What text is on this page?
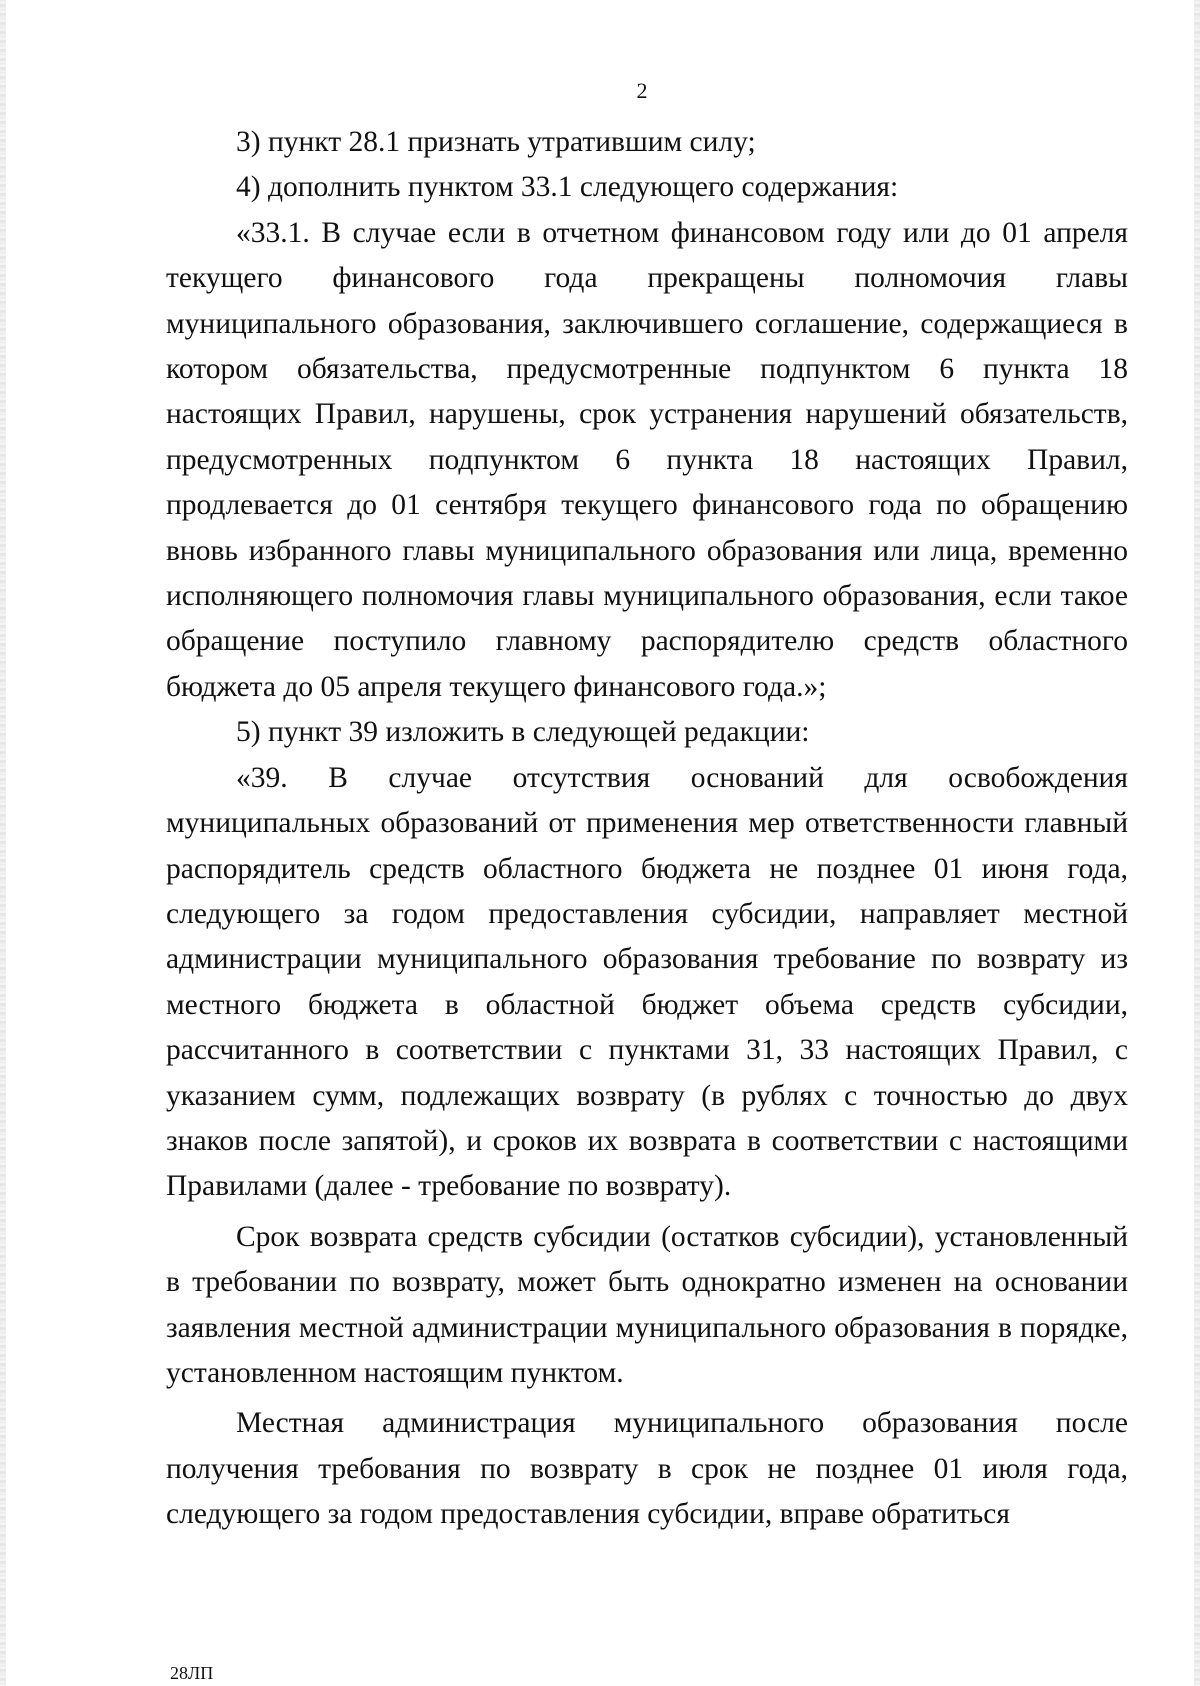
2

3) пункт 28.1 признать утратившим силу;

4) дополнить пунктом 33.1 следующего содержания:

«33.1. В случае если в отчетном финансовом году или до 01 апреля текущего финансового года прекращены полномочия главы муниципального образования, заключившего соглашение, содержащиеся в котором обязательства, предусмотренные подпунктом 6 пункта 18 настоящих Правил, нарушены, срок устранения нарушений обязательств, предусмотренных подпунктом 6 пункта 18 настоящих Правил, продлевается до 01 сентября текущего финансового года по обращению вновь избранного главы муниципального образования или лица, временно исполняющего полномочия главы муниципального образования, если такое обращение поступило главному распорядителю средств областного бюджета до 05 апреля текущего финансового года.»;

5) пункт 39 изложить в следующей редакции:

«39. В случае отсутствия оснований для освобождения муниципальных образований от применения мер ответственности главный распорядитель средств областного бюджета не позднее 01 июня года, следующего за годом предоставления субсидии, направляет местной администрации муниципального образования требование по возврату из местного бюджета в областной бюджет объема средств субсидии, рассчитанного в соответствии с пунктами 31, 33 настоящих Правил, с указанием сумм, подлежащих возврату (в рублях с точностью до двух знаков после запятой), и сроков их возврата в соответствии с настоящими Правилами (далее - требование по возврату).

Срок возврата средств субсидии (остатков субсидии), установленный в требовании по возврату, может быть однократно изменен на основании заявления местной администрации муниципального образования в порядке, установленном настоящим пунктом.

Местная администрация муниципального образования после получения требования по возврату в срок не позднее 01 июля года, следующего за годом предоставления субсидии, вправе обратиться

28ЛП
